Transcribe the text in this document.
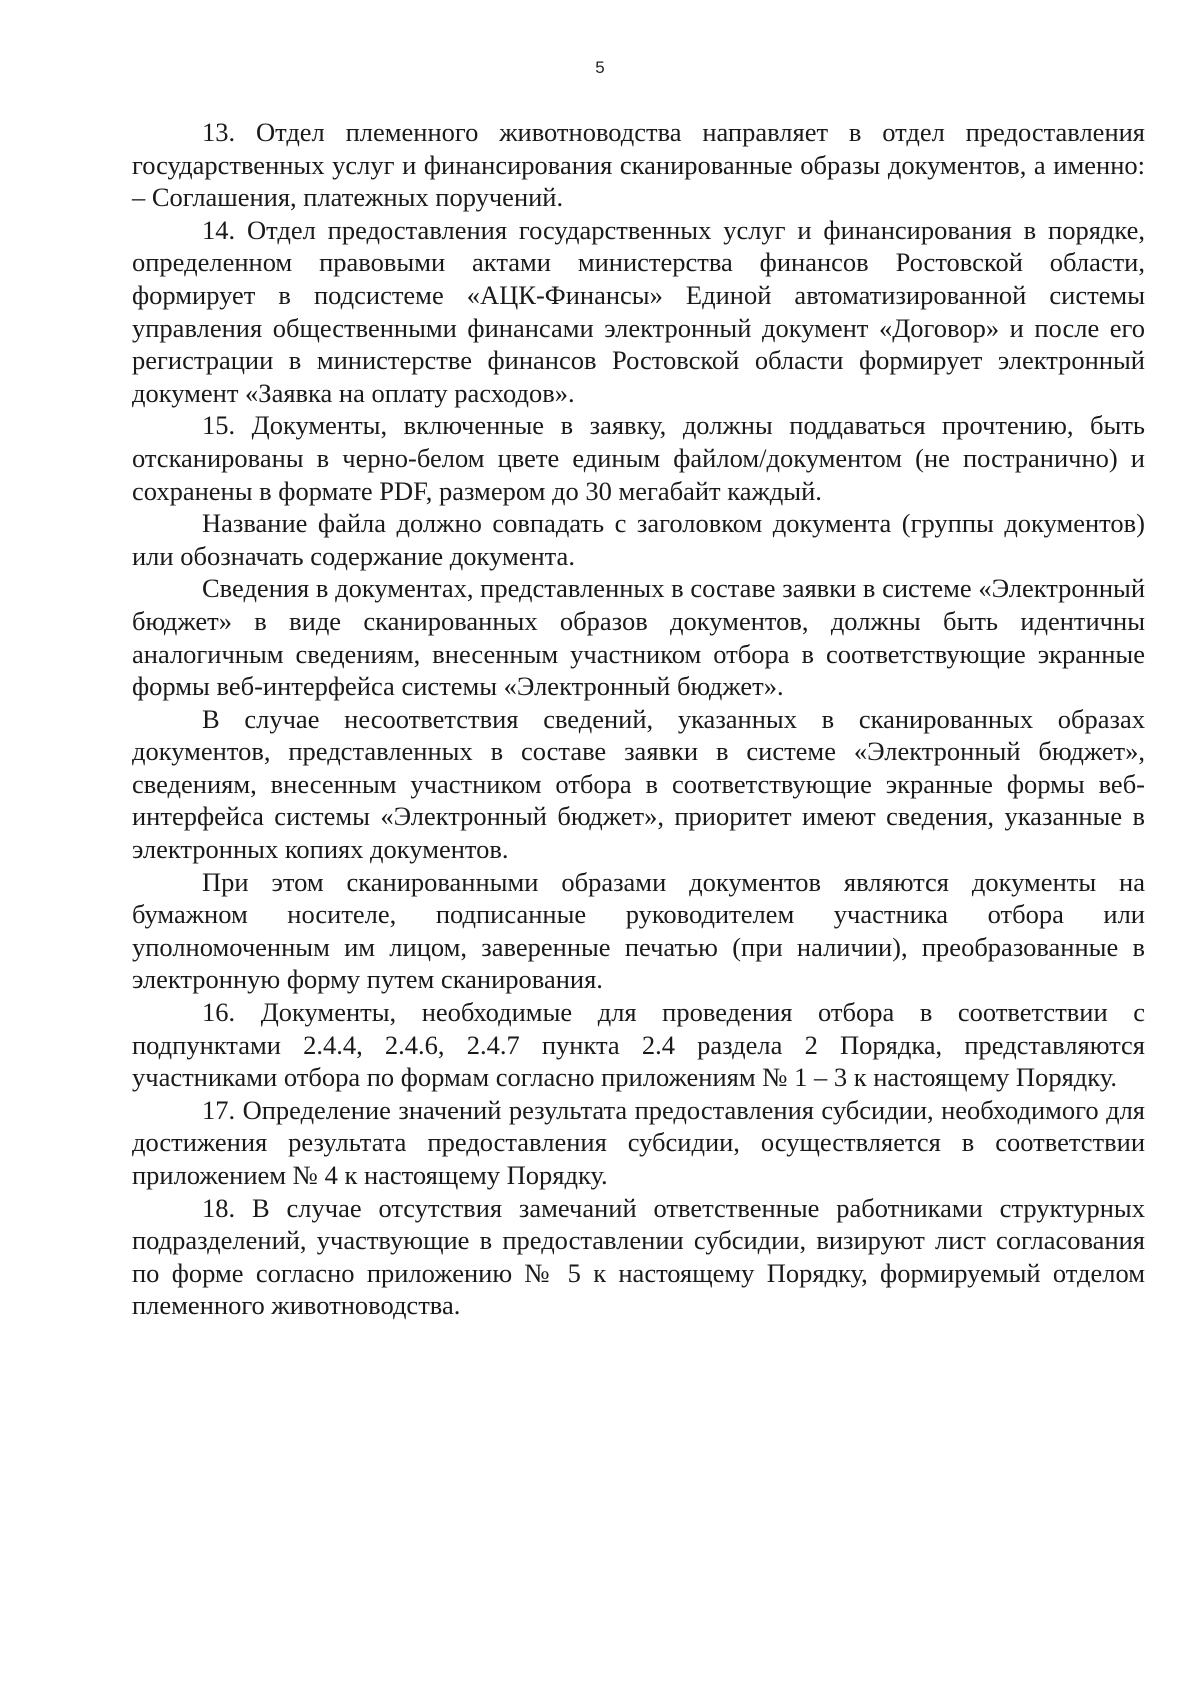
5

13. Отдел племенного животноводства направляет в отдел предоставления государственных услуг и финансирования сканированные образы документов, а именно: – Соглашения, платежных поручений.

14. Отдел предоставления государственных услуг и финансирования в порядке, определенном правовыми актами министерства финансов Ростовской области, формирует в подсистеме «АЦК-Финансы» Единой автоматизированной системы управления общественными финансами электронный документ «Договор» и после его регистрации в министерстве финансов Ростовской области формирует электронный документ «Заявка на оплату расходов».

15. Документы, включенные в заявку, должны поддаваться прочтению, быть отсканированы в черно-белом цвете единым файлом/документом (не постранично) и сохранены в формате PDF, размером до 30 мегабайт каждый.

Название файла должно совпадать с заголовком документа (группы документов) или обозначать содержание документа.

Сведения в документах, представленных в составе заявки в системе «Электронный бюджет» в виде сканированных образов документов, должны быть идентичны аналогичным сведениям, внесенным участником отбора в соответствующие экранные формы веб-интерфейса системы «Электронный бюджет».

В случае несоответствия сведений, указанных в сканированных образах документов, представленных в составе заявки в системе «Электронный бюджет», сведениям, внесенным участником отбора в соответствующие экранные формы веб-интерфейса системы «Электронный бюджет», приоритет имеют сведения, указанные в электронных копиях документов.

При этом сканированными образами документов являются документы на бумажном носителе, подписанные руководителем участника отбора или уполномоченным им лицом, заверенные печатью (при наличии), преобразованные в электронную форму путем сканирования.

16. Документы, необходимые для проведения отбора в соответствии с подпунктами 2.4.4, 2.4.6, 2.4.7 пункта 2.4 раздела 2 Порядка, представляются участниками отбора по формам согласно приложениям № 1 – 3 к настоящему Порядку.

17. Определение значений результата предоставления субсидии, необходимого для достижения результата предоставления субсидии, осуществляется в соответствии приложением № 4 к настоящему Порядку.

18. В случае отсутствия замечаний ответственные работниками структурных подразделений, участвующие в предоставлении субсидии, визируют лист согласования по форме согласно приложению № 5 к настоящему Порядку, формируемый отделом племенного животноводства.
